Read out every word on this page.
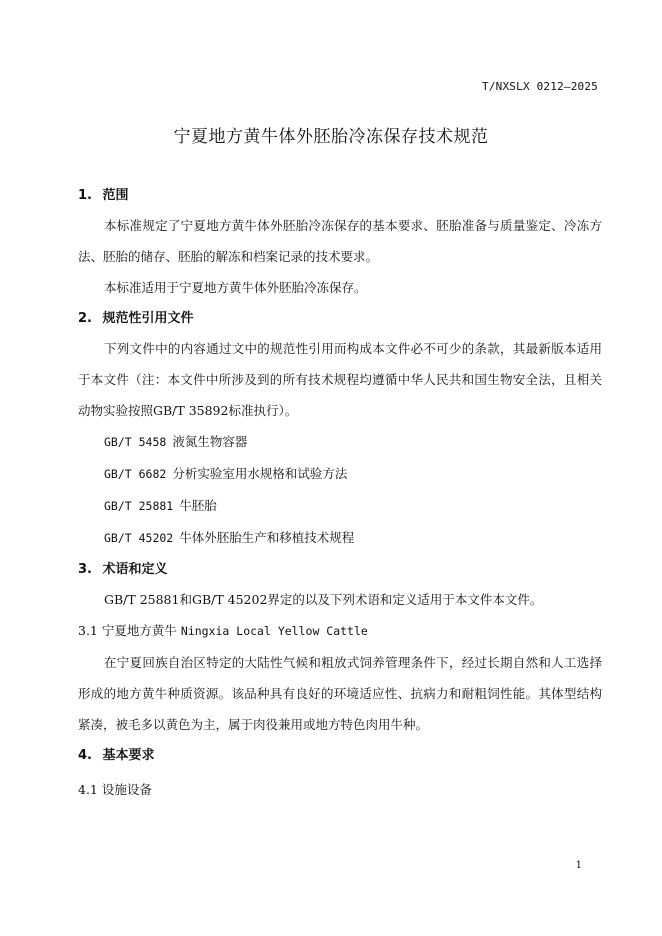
T/NXSLX 0212—2025
宁夏地方黄牛体外胚胎冷冻保存技术规范
1. 范围

本标准规定了宁夏地方黄牛体外胚胎冷冻保存的基本要求、胚胎准备与质量鉴定、冷冻方法、胚胎的储存、胚胎的解冻和档案记录的技术要求。

本标准适用于宁夏地方黄牛体外胚胎冷冻保存。

2. 规范性引用文件

下列文件中的内容通过文中的规范性引用而构成本文件必不可少的条款，其最新版本适用于本文件（注：本文件中所涉及到的所有技术规程均遵循中华人民共和国生物安全法，且相关动物实验按照GB/T 35892标准执行）。

GB/T 5458 液氮生物容器
GB/T 6682 分析实验室用水规格和试验方法
GB/T 25881 牛胚胎
GB/T 45202 牛体外胚胎生产和移植技术规程
3. 术语和定义

GB/T 25881和GB/T 45202界定的以及下列术语和定义适用于本文件本文件。

3.1 宁夏地方黄牛 Ningxia Local Yellow Cattle

在宁夏回族自治区特定的大陆性气候和粗放式饲养管理条件下，经过长期自然和人工选择形成的地方黄牛种质资源。该品种具有良好的环境适应性、抗病力和耐粗饲性能。其体型结构紧凑，被毛多以黄色为主，属于肉役兼用或地方特色肉用牛种。

4. 基本要求
4.1 设施设备
1
